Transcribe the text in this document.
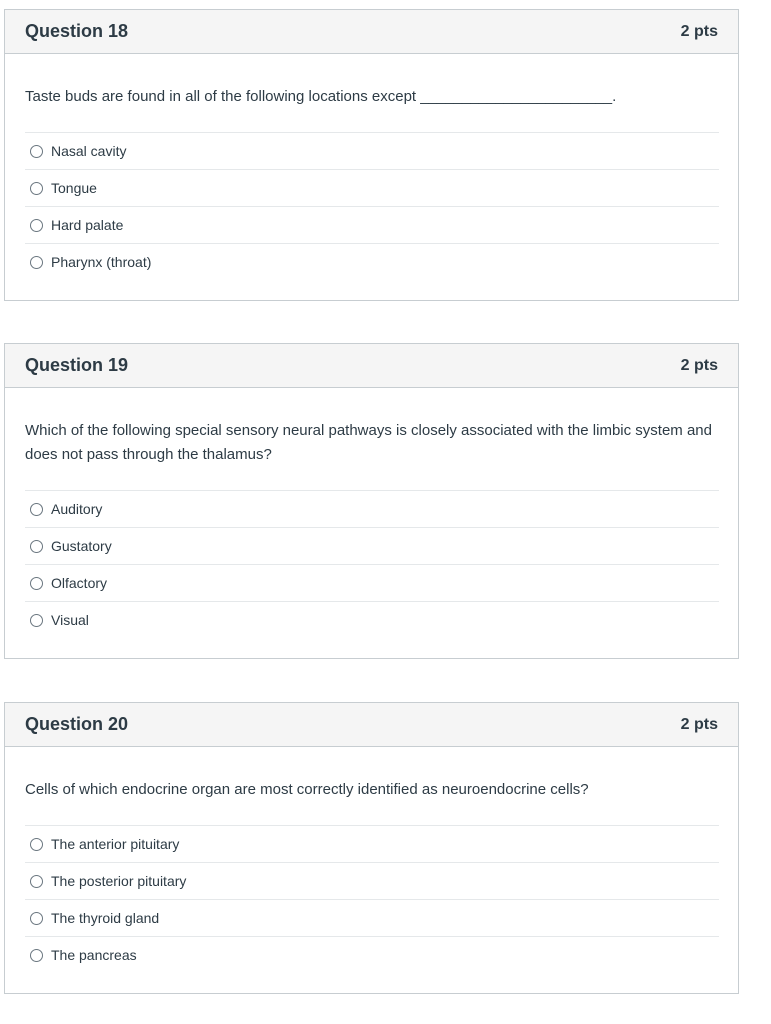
Question 18	2 pts

Taste buds are found in all of the following locations except _______________________.

Nasal cavity
Tongue
Hard palate
Pharynx (throat)
Question 19	2 pts

Which of the following special sensory neural pathways is closely associated with the limbic system and does not pass through the thalamus?

Auditory
Gustatory
Olfactory
Visual
Question 20	2 pts

Cells of which endocrine organ are most correctly identified as neuroendocrine cells?

The anterior pituitary
The posterior pituitary
The thyroid gland
The pancreas
